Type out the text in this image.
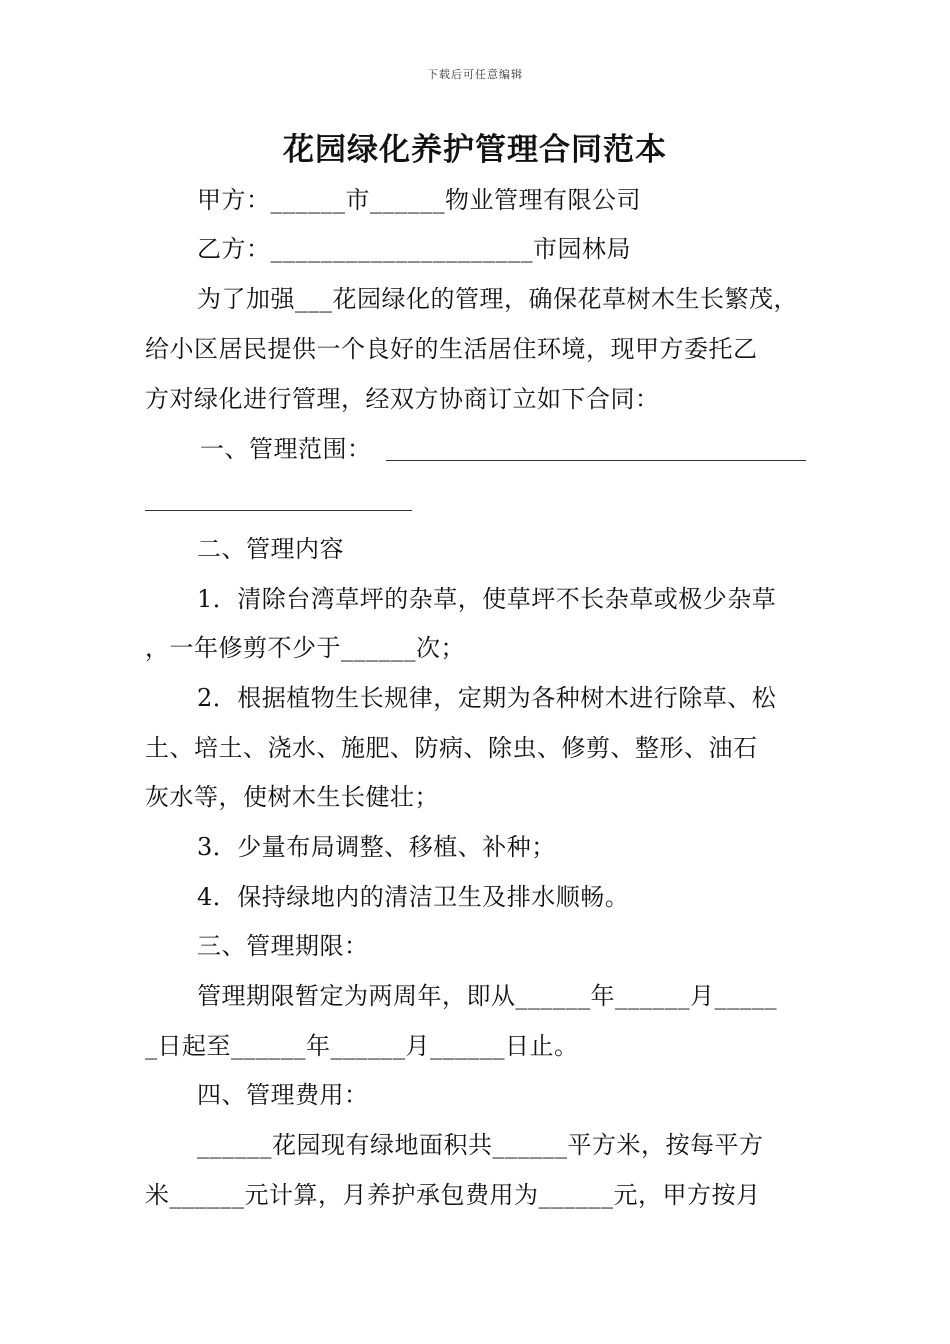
下载后可任意编辑
花园绿化养护管理合同范本
甲方：______市______物业管理有限公司
乙方：_____________________市园林局
为了加强___花园绿化的管理，确保花草树木生长繁茂，
给小区居民提供一个良好的生活居住环境，现甲方委托乙
方对绿化进行管理，经双方协商订立如下合同：
一、管理范围：
二、管理内容
1．清除台湾草坪的杂草，使草坪不长杂草或极少杂草
，一年修剪不少于______次；
2．根据植物生长规律，定期为各种树木进行除草、松
土、培土、浇水、施肥、防病、除虫、修剪、整形、油石
灰水等，使树木生长健壮；
3．少量布局调整、移植、补种；
4．保持绿地内的清洁卫生及排水顺畅。
三、管理期限：
管理期限暂定为两周年，即从______年______月_____
_日起至______年______月______日止。
四、管理费用：
______花园现有绿地面积共______平方米，按每平方
米______元计算，月养护承包费用为______元，甲方按月
